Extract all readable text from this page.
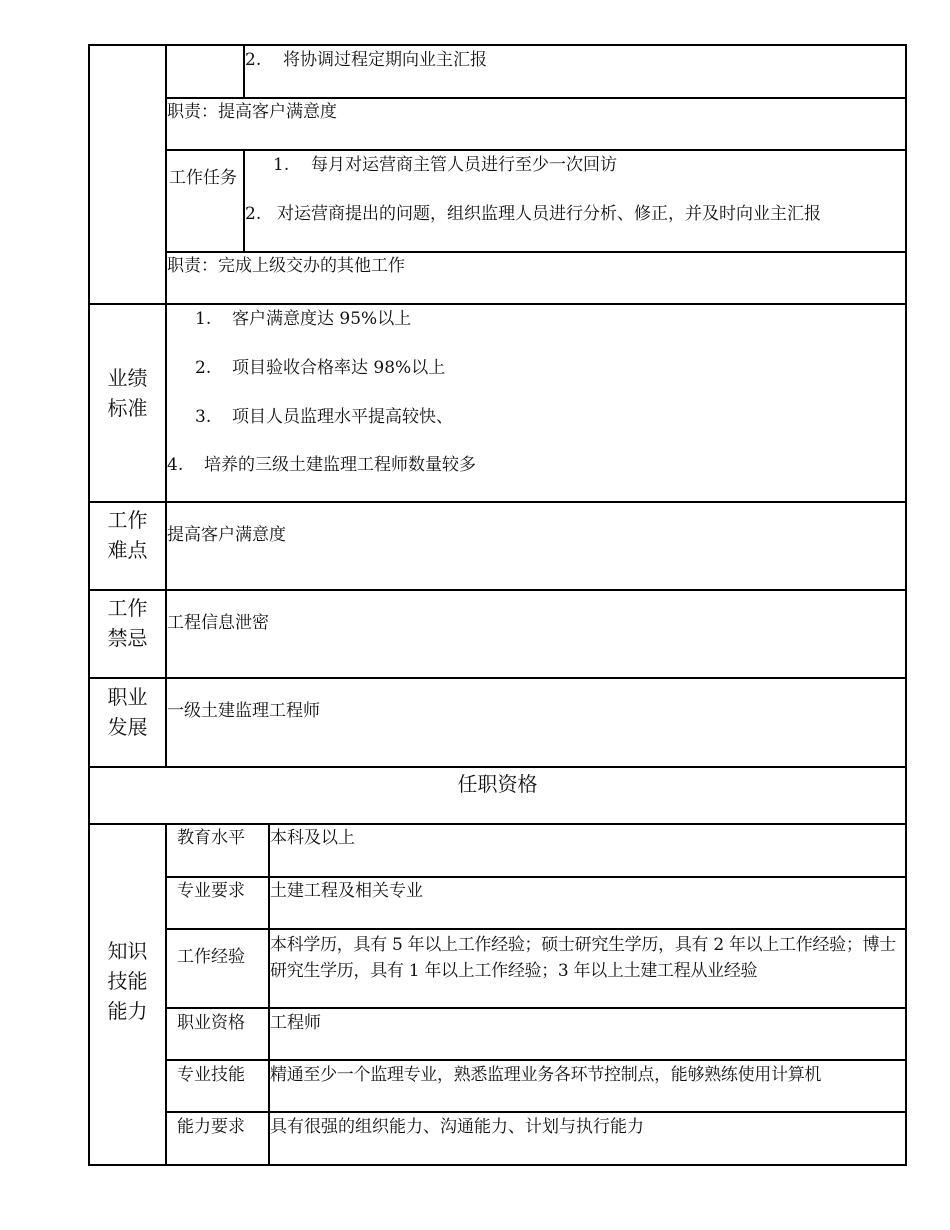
2. 将协调过程定期向业主汇报
职责：提高客户满意度
工作任务
1. 每月对运营商主管人员进行至少一次回访
2. 对运营商提出的问题，组织监理人员进行分析、修正，并及时向业主汇报
职责：完成上级交办的其他工作
业绩标准
1. 客户满意度达 95%以上
2. 项目验收合格率达 98%以上
3. 项目人员监理水平提高较快、
4. 培养的三级土建监理工程师数量较多
工作难点
提高客户满意度
工作禁忌
工程信息泄密
职业发展
一级土建监理工程师
任职资格
知识技能能力
教育水平 本科及以上
专业要求 土建工程及相关专业
工作经验
本科学历，具有 5 年以上工作经验；硕士研究生学历，具有 2 年以上工作经验；博士研究生学历，具有 1 年以上工作经验；3 年以上土建工程从业经验
职业资格 工程师
专业技能 精通至少一个监理专业，熟悉监理业务各环节控制点，能够熟练使用计算机
能力要求 具有很强的组织能力、沟通能力、计划与执行能力
